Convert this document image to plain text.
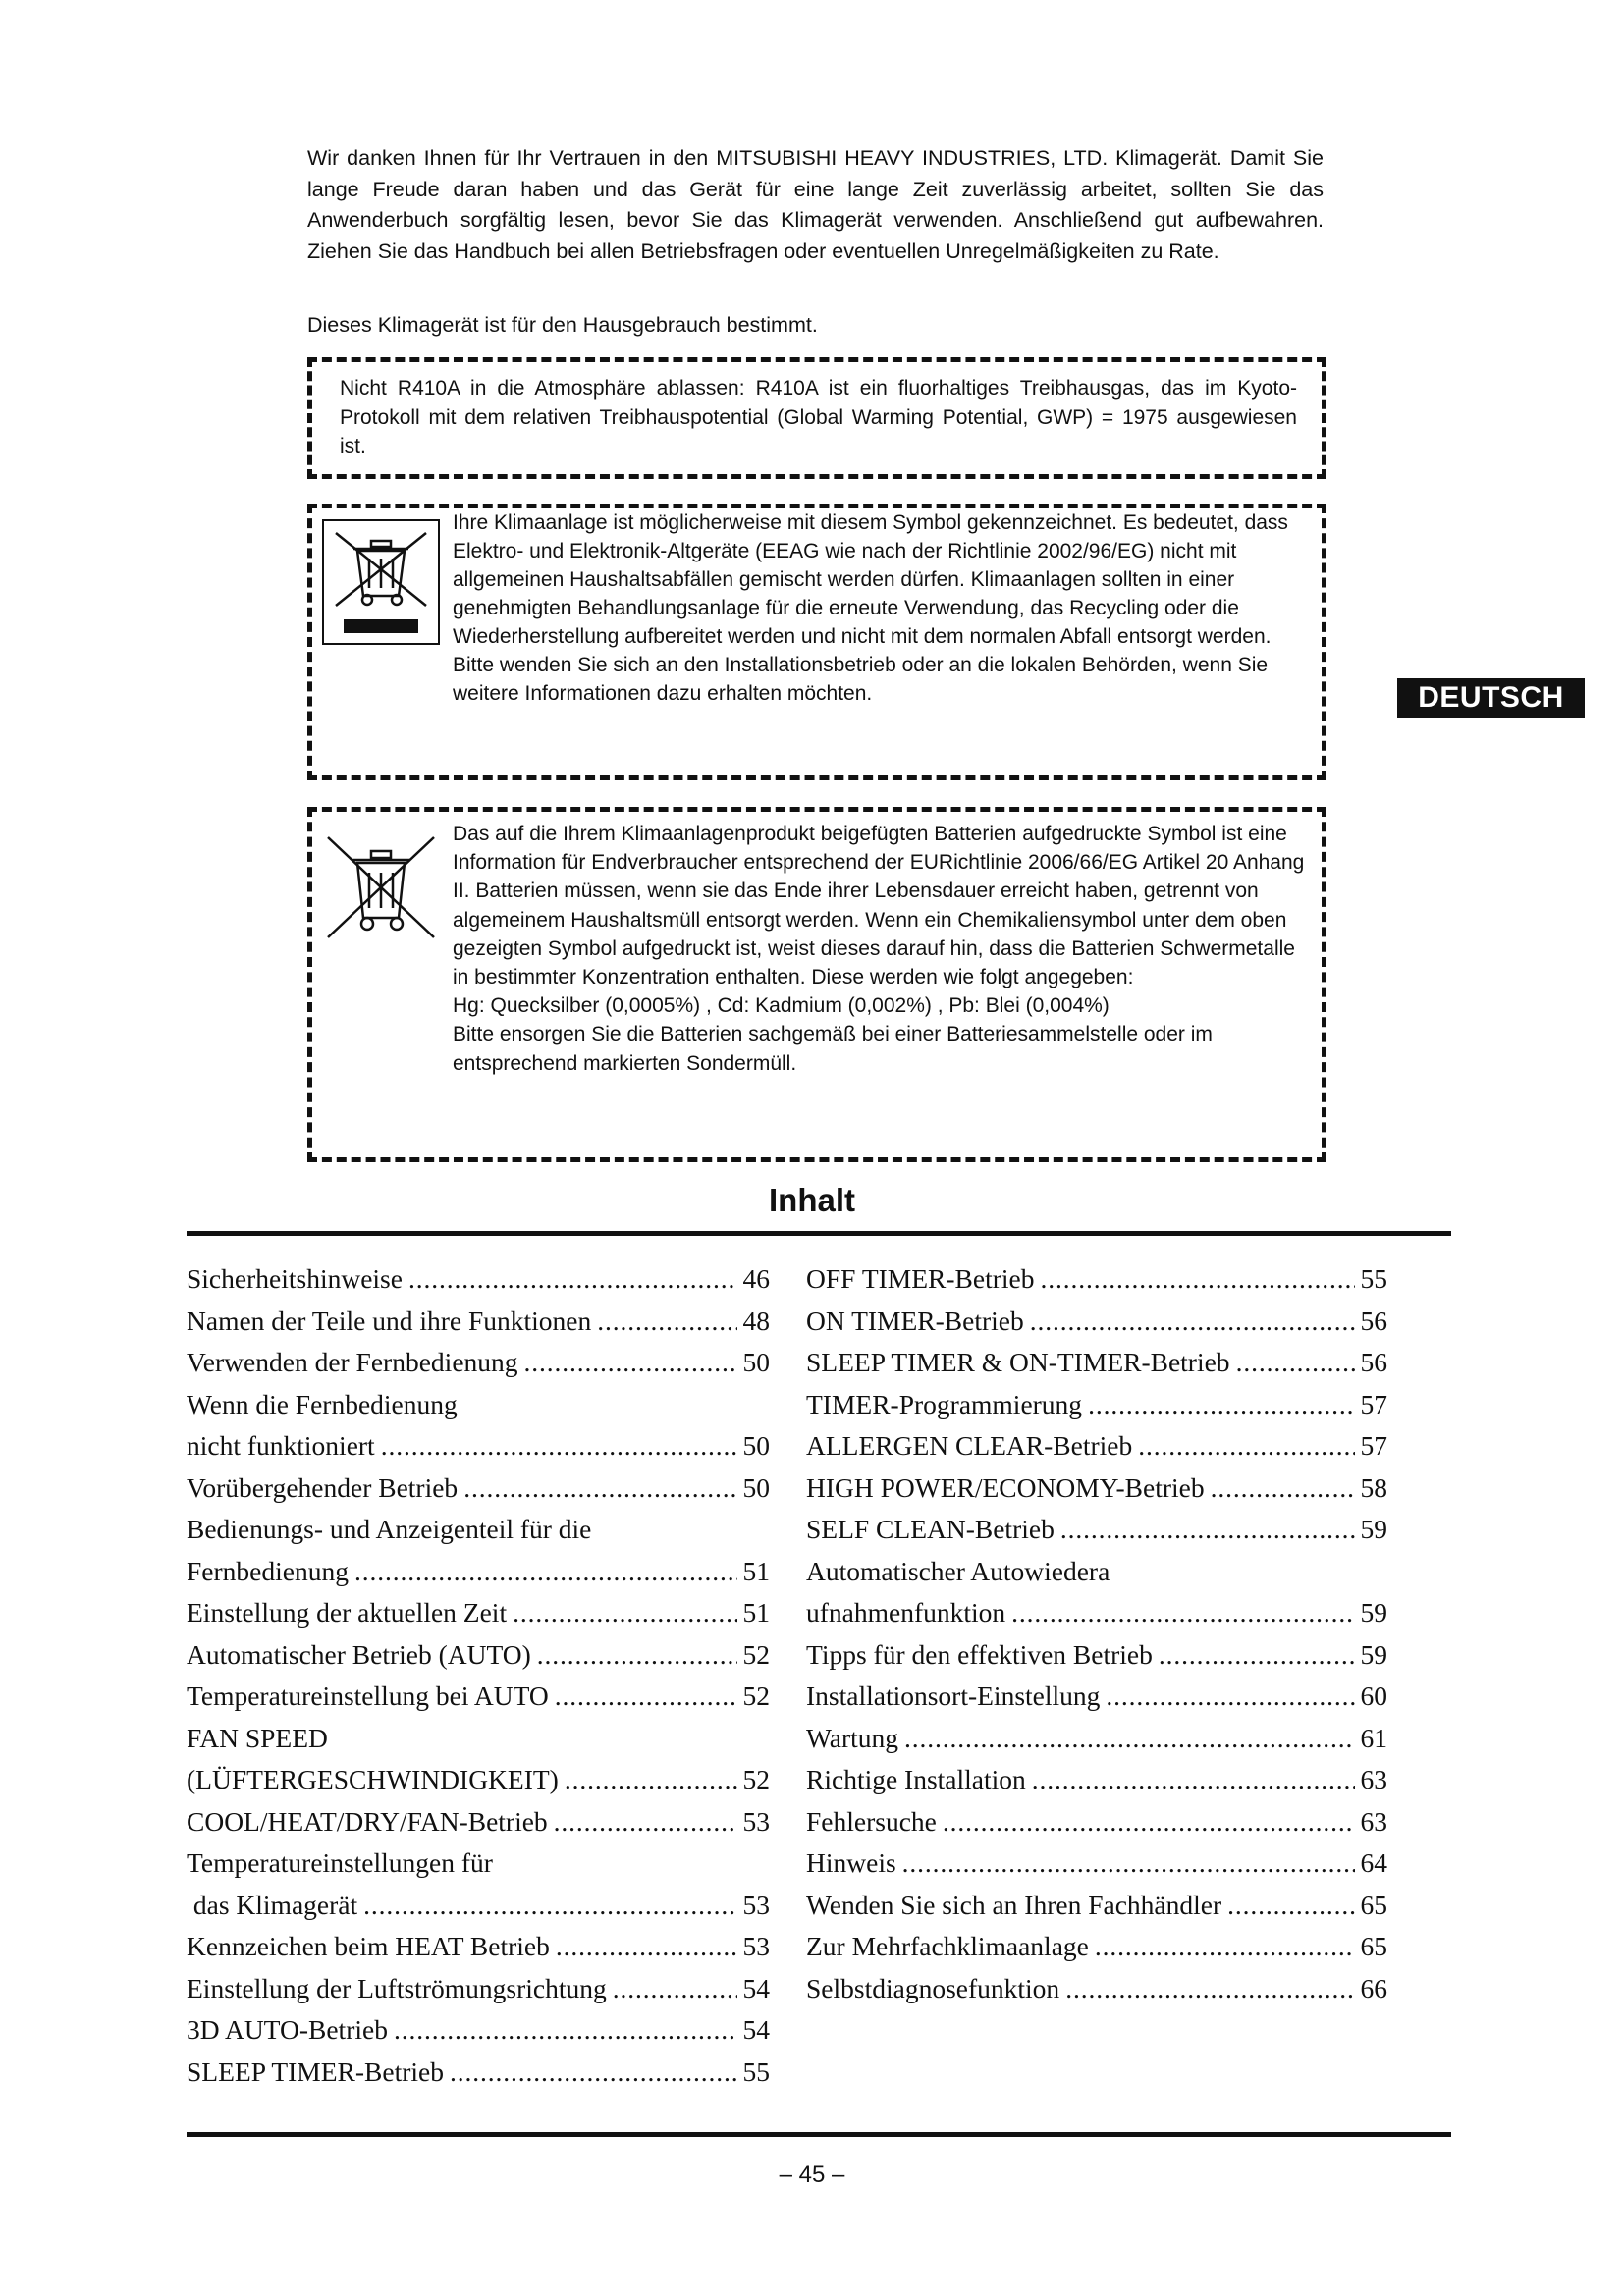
Wir danken Ihnen für Ihr Vertrauen in den MITSUBISHI HEAVY INDUSTRIES, LTD. Klimagerät. Damit Sie lange Freude daran haben und das Gerät für eine lange Zeit zuverlässig arbeitet, sollten Sie das Anwenderbuch sorgfältig lesen, bevor Sie das Klimagerät verwenden. Anschließend gut aufbewahren. Ziehen Sie das Handbuch bei allen Betriebsfragen oder eventuellen Unregelmäßigkeiten zu Rate.

Dieses Klimagerät ist für den Hausgebrauch bestimmt.
Nicht R410A in die Atmosphäre ablassen: R410A ist ein fluorhaltiges Treibhausgas, das im Kyoto-Protokoll mit dem relativen Treibhauspotential (Global Warming Potential, GWP) = 1975 ausgewiesen ist.
Ihre Klimaanlage ist möglicherweise mit diesem Symbol gekennzeichnet. Es bedeutet, dass Elektro- und Elektronik-Altgeräte (EEAG wie nach der Richtlinie 2002/96/EG) nicht mit allgemeinen Haushaltsabfällen gemischt werden dürfen. Klimaanlagen sollten in einer genehmigten Behandlungsanlage für die erneute Verwendung, das Recycling oder die Wiederherstellung aufbereitet werden und nicht mit dem normalen Abfall entsorgt werden. Bitte wenden Sie sich an den Installationsbetrieb oder an die lokalen Behörden, wenn Sie weitere Informationen dazu erhalten möchten.	DEUTSCH

Das auf die Ihrem Klimaanlagenprodukt beigefügten Batterien aufgedruckte Symbol ist eine Information für Endverbraucher entsprechend der EURichtlinie 2006/66/EG Artikel 20 Anhang II. Batterien müssen, wenn sie das Ende ihrer Lebensdauer erreicht haben, getrennt von algemeinem Haushaltsmüll entsorgt werden. Wenn ein Chemikaliensymbol unter dem oben gezeigten Symbol aufgedruckt ist, weist dieses darauf hin, dass die Batterien Schwermetalle in bestimmter Konzentration enthalten. Diese werden wie folgt angegeben:

Hg: Quecksilber (0,0005%) , Cd: Kadmium (0,002%) , Pb: Blei (0,004%)

Bitte ensorgen Sie die Batterien sachgemäß bei einer Batteriesammelstelle oder im entsprechend markierten Sondermüll.

Inhalt
Sicherheitshinweise . . .	46
Namen der Teile und ihre Funktionen . . .	48
Verwenden der Fernbedienung . . .	50
Wenn die Fernbedienung
nicht funktioniert . . .	50
Vorübergehender Betrieb . . .	50
Bedienungs- und Anzeigenteil für die
Fernbedienung . . .	51
Einstellung der aktuellen Zeit . . .	51
Automatischer Betrieb (AUTO) . . .	52
Temperatureinstellung bei AUTO . . .	52
FAN SPEED
(LÜFTERGESCHWINDIGKEIT) . . .	52
COOL/HEAT/DRY/FAN-Betrieb . . .	53
Temperatureinstellungen für
das Klimagerät . . .	53
Kennzeichen beim HEAT Betrieb . . .	53
Einstellung der Luftströmungsrichtung . . .	54
3D AUTO-Betrieb . . .	54
SLEEP TIMER-Betrieb . . .	55
OFF TIMER-Betrieb . . .	55
ON TIMER-Betrieb . . .	56
SLEEP TIMER & ON-TIMER-Betrieb . . .	56
TIMER-Programmierung . . .	57
ALLERGEN CLEAR-Betrieb . . .	57
HIGH POWER/ECONOMY-Betrieb . . .	58
SELF CLEAN-Betrieb . . .	59
Automatischer Autowiedera
ufnahmenfunktion . . .	59
Tipps für den effektiven Betrieb . . .	59
Installationsort-Einstellung . . .	60
Wartung . . .	61
Richtige Installation . . .	63
Fehlersuche . . .	63
Hinweis . . .	64
Wenden Sie sich an Ihren Fachhändler . . .	65
Zur Mehrfachklimaanlage . . .	65
Selbstdiagnosefunktion . . .	66
– 45 –
